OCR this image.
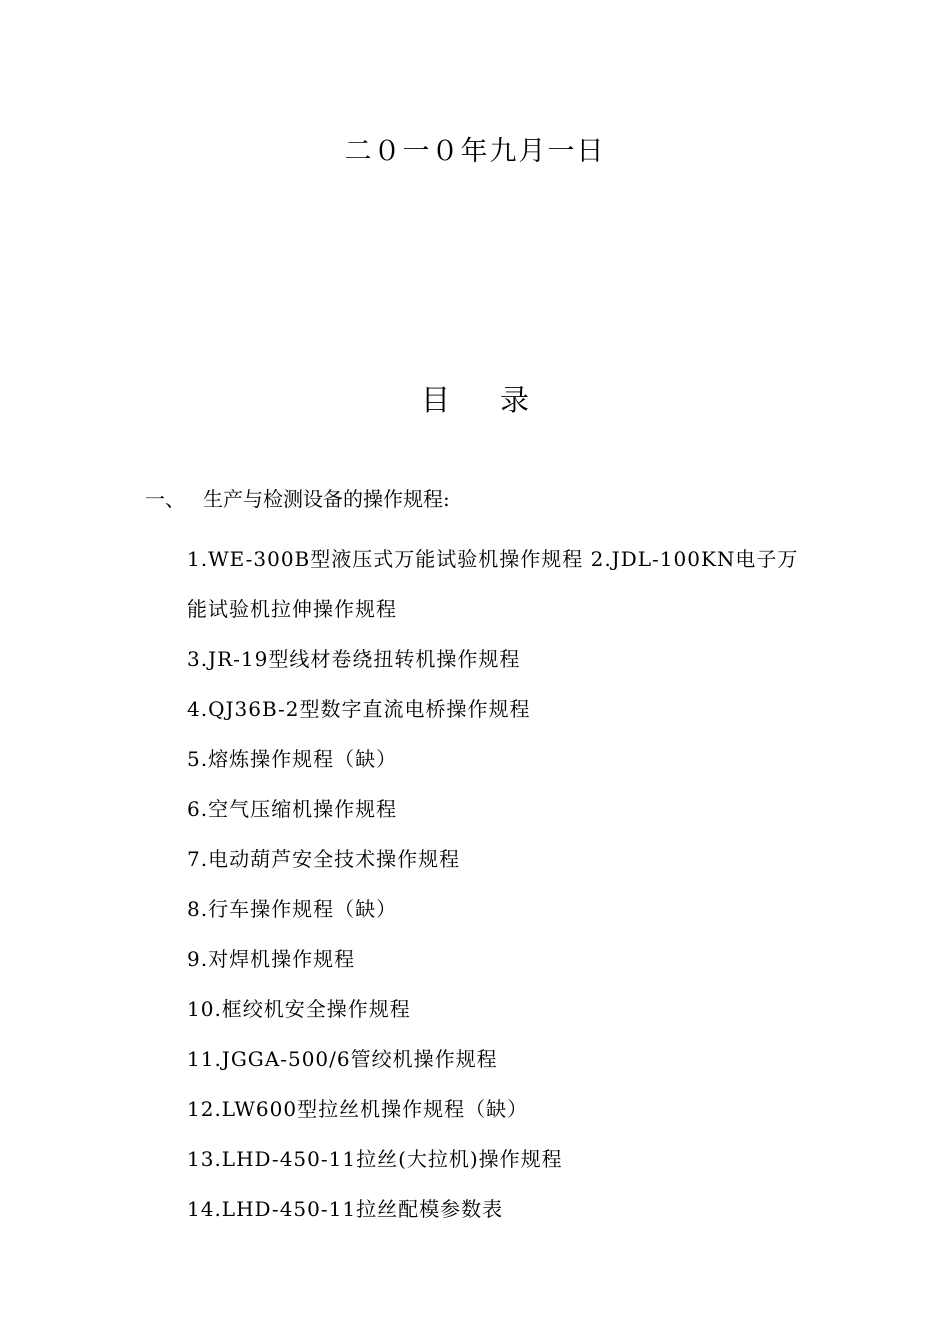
二０一０年九月一日
目 录
一、 生产与检测设备的操作规程:
1.WE-300B型液压式万能试验机操作规程 2.JDL-100KN电子万能试验机拉伸操作规程
3.JR-19型线材卷绕扭转机操作规程
4.QJ36B-2型数字直流电桥操作规程
5.熔炼操作规程（缺）
6.空气压缩机操作规程
7.电动葫芦安全技术操作规程
8.行车操作规程（缺）
9.对焊机操作规程
10.框绞机安全操作规程
11.JGGA-500/6管绞机操作规程
12.LW600型拉丝机操作规程（缺）
13.LHD-450-11拉丝(大拉机)操作规程
14.LHD-450-11拉丝配模参数表
